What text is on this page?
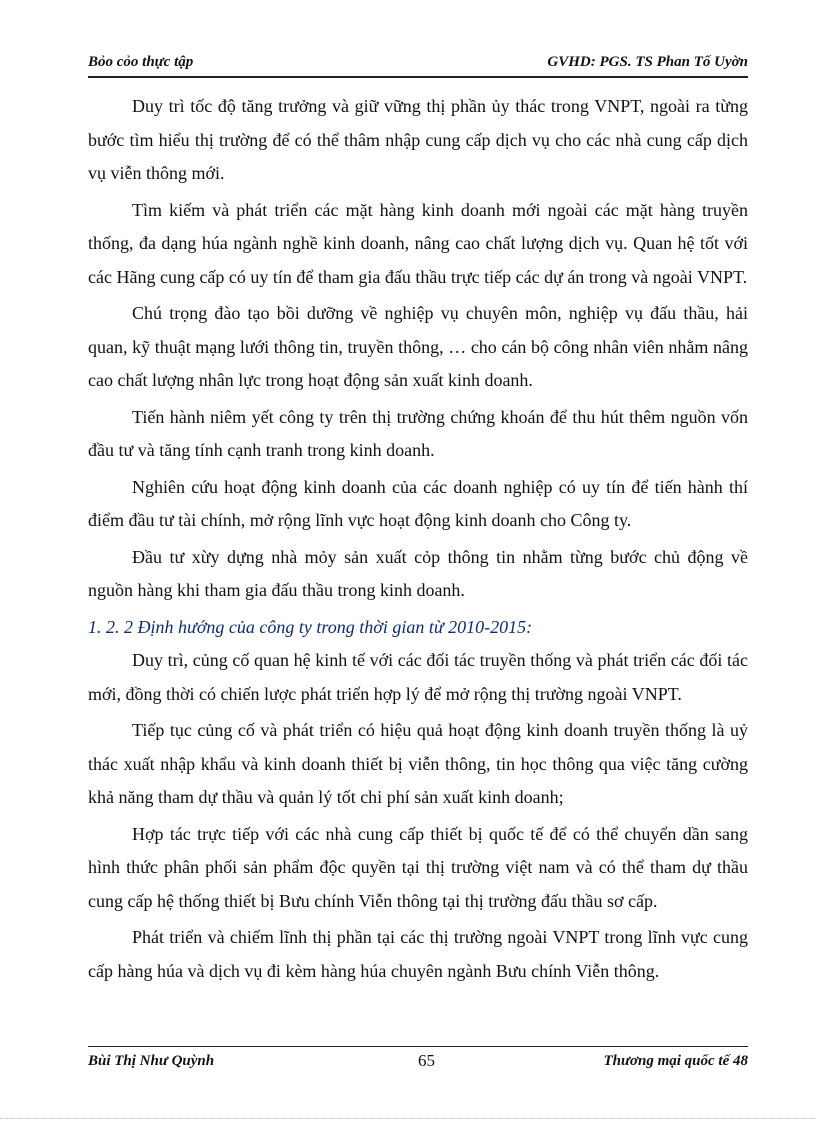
Bỏo cỏo thực tập	GVHD: PGS. TS Phan Tố Uyờn

Duy trì tốc độ tăng trưởng và giữ vững thị phần ủy thác trong VNPT, ngoài ra từng bước tìm hiểu thị trường để có thể thâm nhập cung cấp dịch vụ cho các nhà cung cấp dịch vụ viễn thông mới.

Tìm kiếm và phát triển các mặt hàng kinh doanh mới ngoài các mặt hàng truyền thống, đa dạng húa ngành nghề kinh doanh, nâng cao chất lượng dịch vụ. Quan hệ tốt với các Hãng cung cấp có uy tín để tham gia đấu thầu trực tiếp các dự án trong và ngoài VNPT.

Chú trọng đào tạo bồi dưỡng về nghiệp vụ chuyên môn, nghiệp vụ đấu thầu, hải quan, kỹ thuật mạng lưới thông tin, truyền thông, … cho cán bộ công nhân viên nhằm nâng cao chất lượng nhân lực trong hoạt động sản xuất kinh doanh.

Tiến hành niêm yết công ty trên thị trường chứng khoán để thu hút thêm nguồn vốn đầu tư và tăng tính cạnh tranh trong kinh doanh.

Nghiên cứu hoạt động kinh doanh của các doanh nghiệp có uy tín để tiến hành thí điểm đầu tư tài chính, mở rộng lĩnh vực hoạt động kinh doanh cho Công ty.

Đầu tư xừy dựng nhà mỏy sản xuất cỏp thông tin nhằm từng bước chủ động về nguồn hàng khi tham gia đấu thầu trong kinh doanh.

1. 2. 2 Định hướng của công ty trong thời gian từ 2010-2015:

Duy trì, củng cố quan hệ kinh tế với các đối tác truyền thống và phát triển các đối tác mới, đồng thời có chiến lược phát triển hợp lý để mở rộng thị trường ngoài VNPT.

Tiếp tục củng cố và phát triển có hiệu quả hoạt động kinh doanh truyền thống là uỷ thác xuất nhập khẩu và kinh doanh thiết bị viễn thông, tin học thông qua việc tăng cường khả năng tham dự thầu và quản lý tốt chi phí sản xuất kinh doanh;

Hợp tác trực tiếp với các nhà cung cấp thiết bị quốc tế để có thể chuyển dần sang hình thức phân phối sản phẩm độc quyền tại thị trường việt nam và có thể tham dự thầu cung cấp hệ thống thiết bị Bưu chính Viễn thông tại thị trường đấu thầu sơ cấp.

Phát triển và chiếm lĩnh thị phần tại các thị trường ngoài VNPT trong lĩnh vực cung cấp hàng húa và dịch vụ đi kèm hàng húa chuyên ngành Bưu chính Viễn thông.

Bùi Thị Như Quỳnh	65	Thương mại quốc tế 48
